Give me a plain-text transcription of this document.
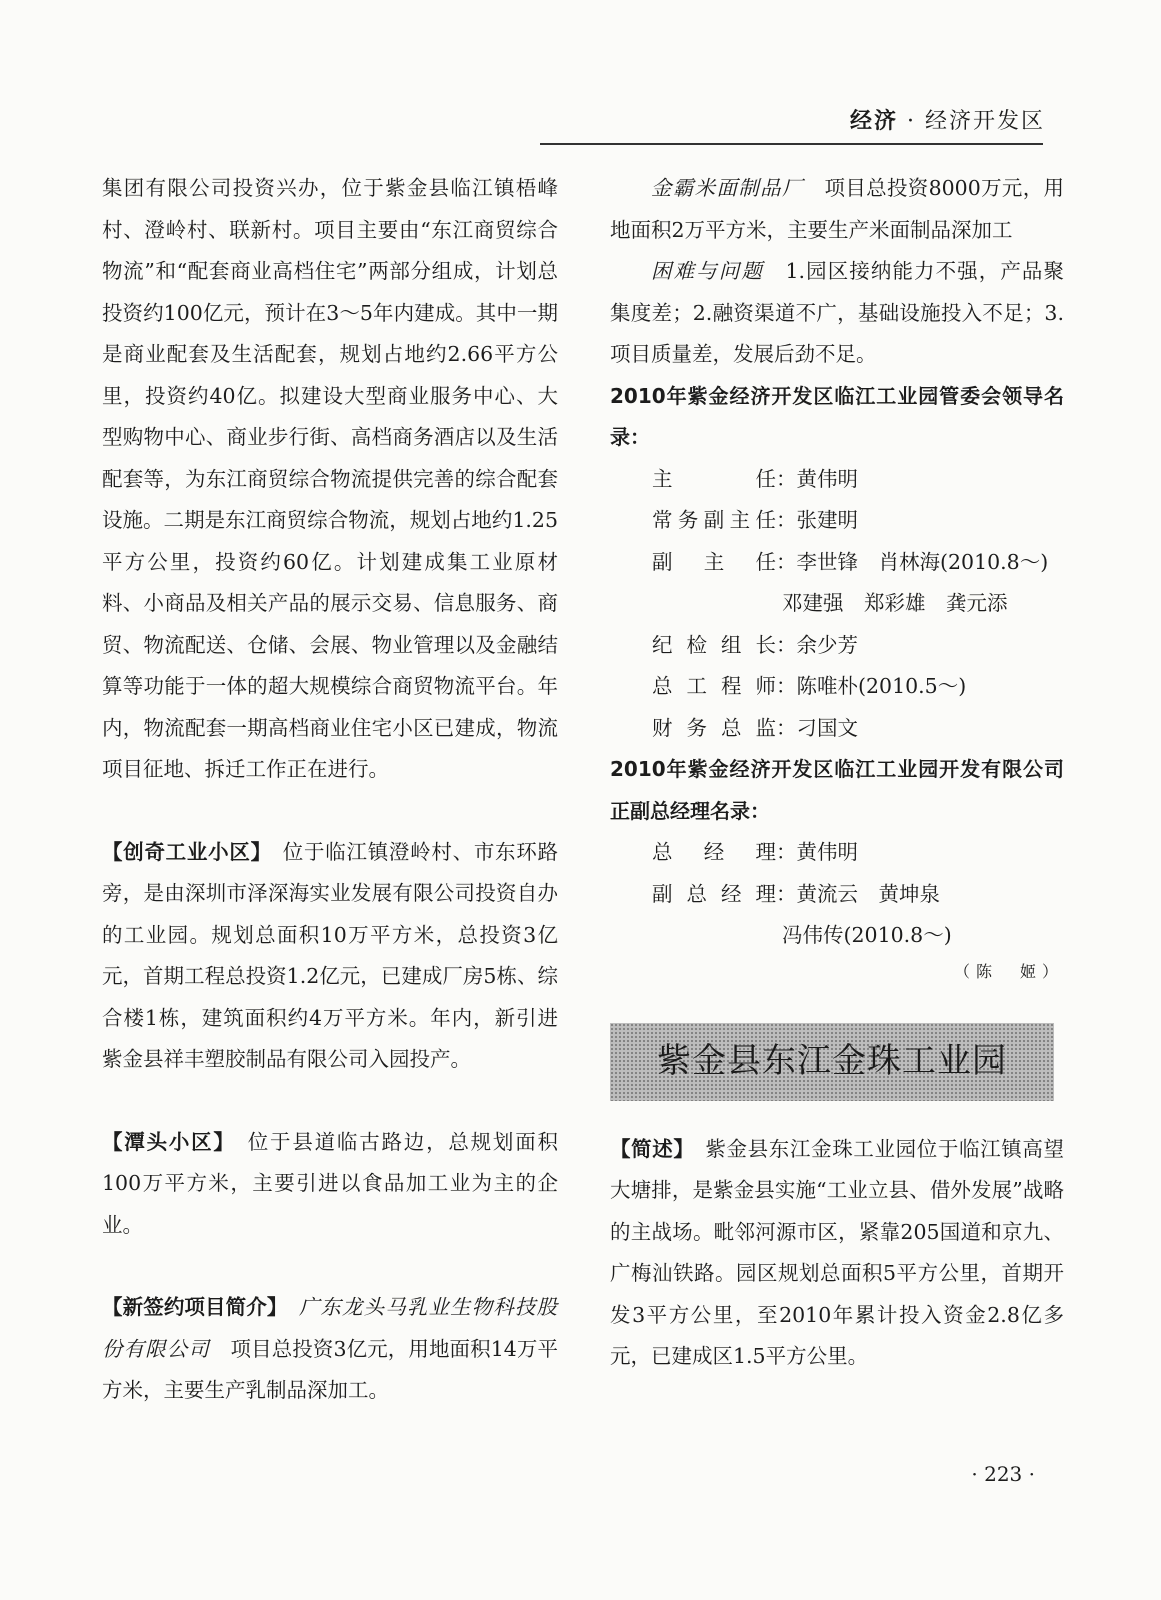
经济 · 经济开发区

集团有限公司投资兴办，位于紫金县临江镇梧峰村、澄岭村、联新村。项目主要由“东江商贸综合物流”和“配套商业高档住宅”两部分组成，计划总投资约100亿元，预计在3～5年内建成。其中一期是商业配套及生活配套，规划占地约2.66平方公里，投资约40亿。拟建设大型商业服务中心、大型购物中心、商业步行街、高档商务酒店以及生活配套等，为东江商贸综合物流提供完善的综合配套设施。二期是东江商贸综合物流，规划占地约1.25平方公里，投资约60亿。计划建成集工业原材料、小商品及相关产品的展示交易、信息服务、商贸、物流配送、仓储、会展、物业管理以及金融结算等功能于一体的超大规模综合商贸物流平台。年内，物流配套一期高档商业住宅小区已建成，物流项目征地、拆迁工作正在进行。

【创奇工业小区】　位于临江镇澄岭村、市东环路旁，是由深圳市泽深海实业发展有限公司投资自办的工业园。规划总面积10万平方米，总投资3亿元，首期工程总投资1.2亿元，已建成厂房5栋、综合楼1栋，建筑面积约4万平方米。年内，新引进紫金县祥丰塑胶制品有限公司入园投产。

【潭头小区】　位于县道临古路边，总规划面积100万平方米，主要引进以食品加工业为主的企业。

【新签约项目简介】　广东龙头马乳业生物科技股份有限公司　项目总投资3亿元，用地面积14万平方米，主要生产乳制品深加工。

金霸米面制品厂　项目总投资8000万元，用地面积2万平方米，主要生产米面制品深加工

困难与问题　1.园区接纳能力不强，产品聚集度差；2.融资渠道不广，基础设施投入不足；3.项目质量差，发展后劲不足。

2010年紫金经济开发区临江工业园管委会领导名录：

主	任 ：黄伟明
常 务 副 主 任 ：张建明
副 主 任 ：李世锋　肖林海(2010.8～)
邓建强　郑彩雄　龚元添
纪 检 组 长 ：余少芳
总 工 程 师 ：陈唯朴(2010.5～)
财 务 总 监 ：刁国文

2010年紫金经济开发区临江工业园开发有限公司正副总经理名录：

总 经 理 ：黄伟明
副 总 经 理 ：黄流云　黄坤泉
冯伟传(2010.8～)
（陈　姬）
紫金县东江金珠工业园

【简述】　紫金县东江金珠工业园位于临江镇高望大塘排，是紫金县实施“工业立县、借外发展”战略的主战场。毗邻河源市区，紧靠205国道和京九、广梅汕铁路。园区规划总面积5平方公里，首期开发3平方公里，至2010年累计投入资金2.8亿多元，已建成区1.5平方公里。

· 223 ·
